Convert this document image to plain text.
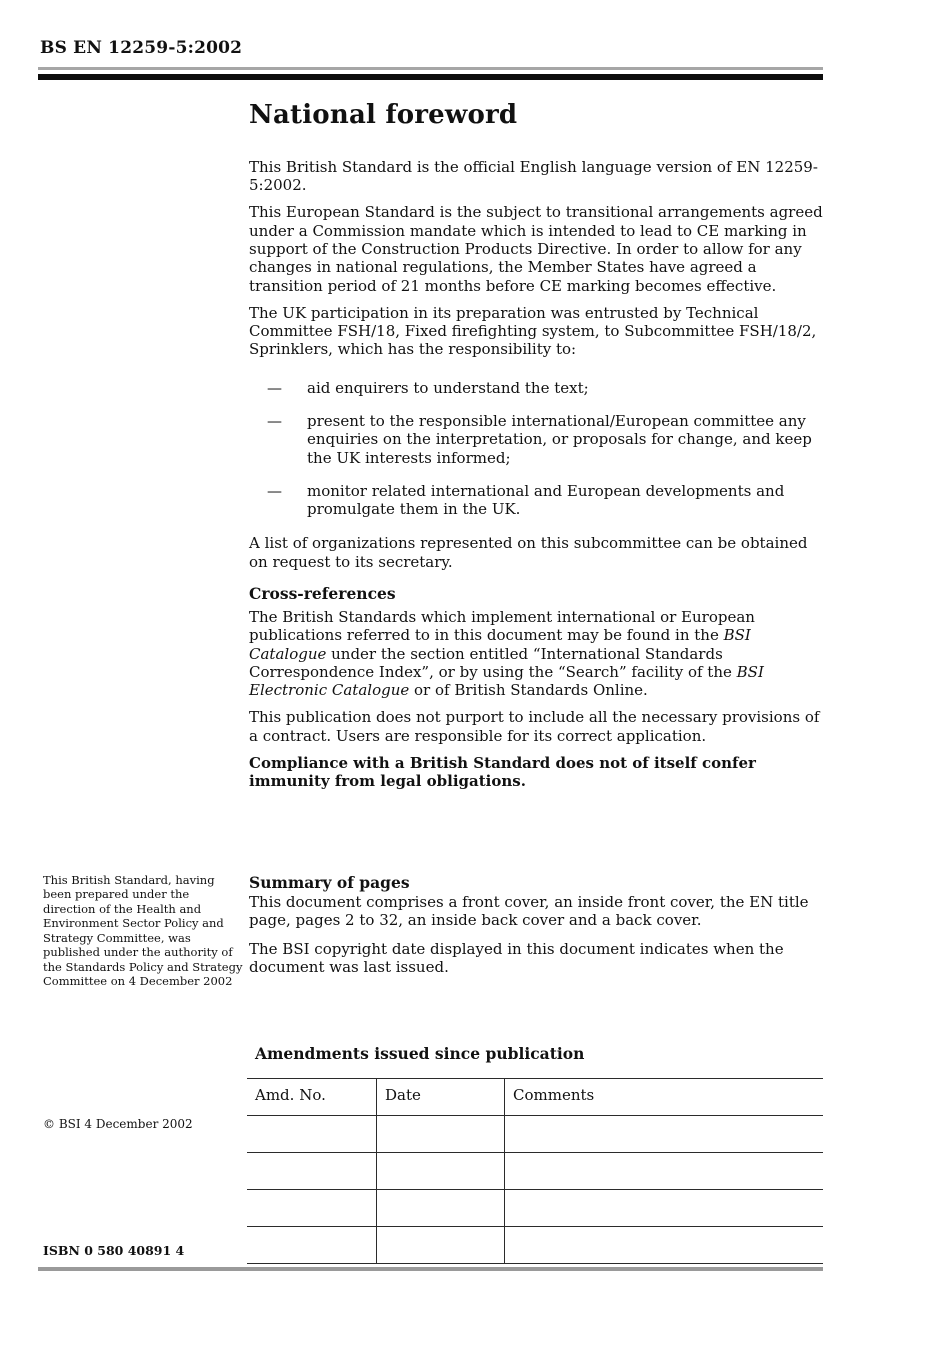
BS EN 12259-5:2002
National foreword

This British Standard is the official English language version of EN 12259-5:2002.

This European Standard is the subject to transitional arrangements agreed under a Commission mandate which is intended to lead to CE marking in support of the Construction Products Directive. In order to allow for any changes in national regulations, the Member States have agreed a transition period of 21 months before CE marking becomes effective.

The UK participation in its preparation was entrusted by Technical Committee FSH/18, Fixed firefighting system, to Subcommittee FSH/18/2, Sprinklers, which has the responsibility to:

—	aid enquirers to understand the text;
—	present to the responsible international/European committee any enquiries on the interpretation, or proposals for change, and keep the UK interests informed;
—	monitor related international and European developments and promulgate them in the UK.

A list of organizations represented on this subcommittee can be obtained on request to its secretary.

Cross-references

The British Standards which implement international or European publications referred to in this document may be found in the BSI Catalogue under the section entitled “International Standards Correspondence Index”, or by using the “Search” facility of the BSI Electronic Catalogue or of British Standards Online.

This publication does not purport to include all the necessary provisions of a contract. Users are responsible for its correct application.

Compliance with a British Standard does not of itself confer immunity from legal obligations.

This British Standard, having been prepared under the direction of the Health and Environment Sector Policy and Strategy Committee, was published under the authority of the Standards Policy and Strategy Committee on 4 December 2002
© BSI 4 December 2002
ISBN 0 580 40891 4
Summary of pages

This document comprises a front cover, an inside front cover, the EN title page, pages 2 to 32, an inside back cover and a back cover.

The BSI copyright date displayed in this document indicates when the document was last issued.

Amendments issued since publication
Amd. No.	Date	Comments
